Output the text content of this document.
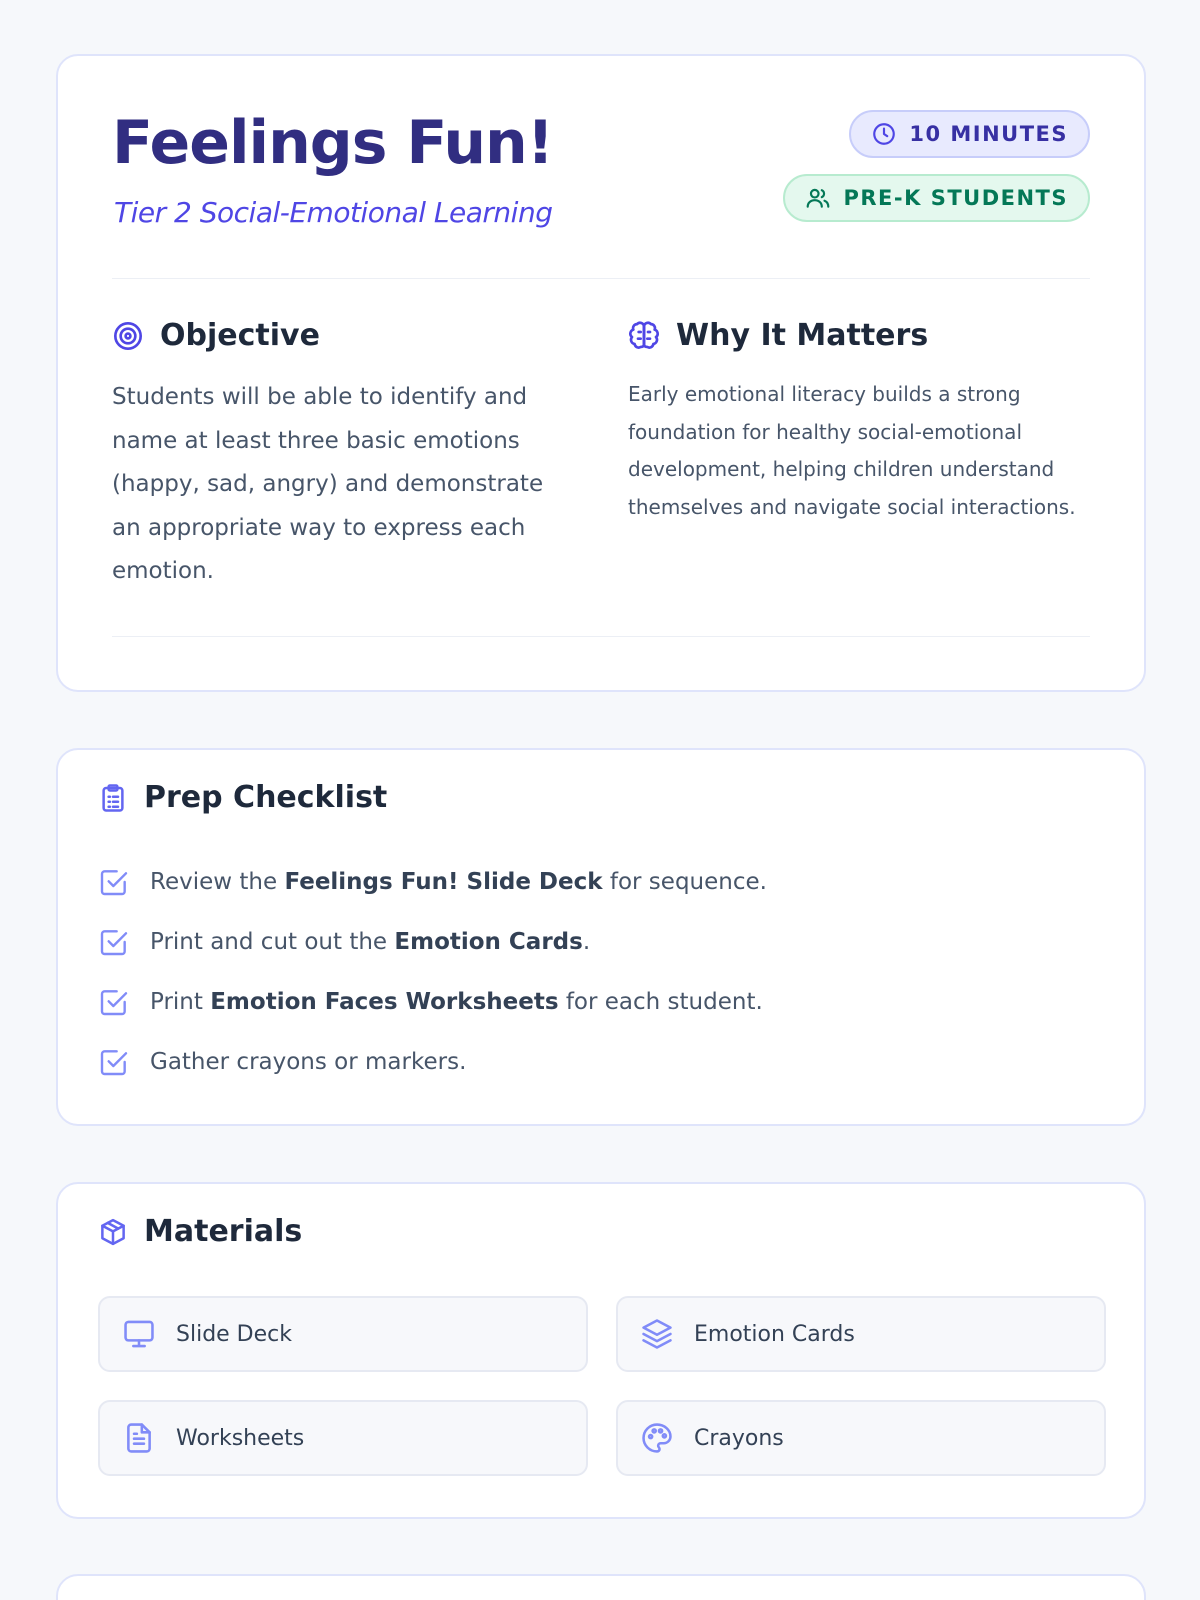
Feelings Fun!
Tier 2 Social-Emotional Learning
10 MINUTES
PRE-K STUDENTS
Objective

Students will be able to identify and name at least three basic emotions (happy, sad, angry) and demonstrate an appropriate way to express each emotion.

Why It Matters

Early emotional literacy builds a strong foundation for healthy social-emotional development, helping children understand themselves and navigate social interactions.

Prep Checklist
Review the Feelings Fun! Slide Deck for sequence.
Print and cut out the Emotion Cards.
Print Emotion Faces Worksheets for each student.
Gather crayons or markers.
Materials
Slide Deck	Emotion Cards
Worksheets	Crayons
